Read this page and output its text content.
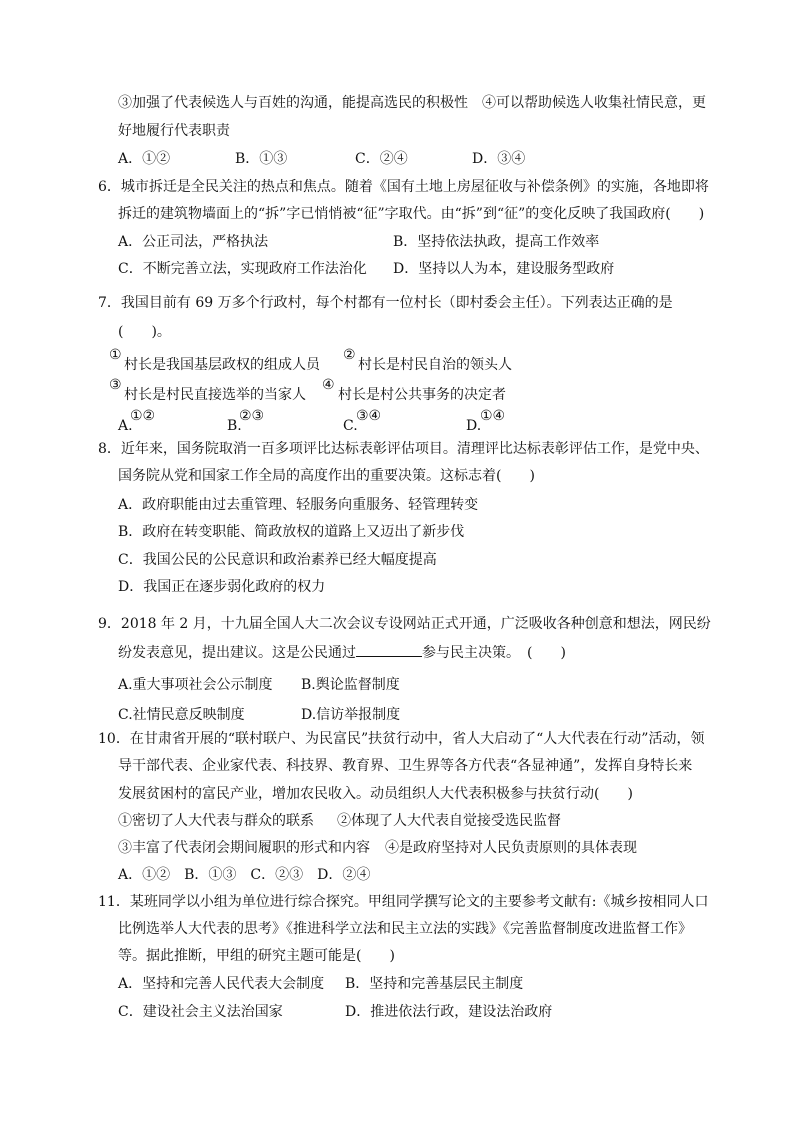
③加强了代表候选人与百姓的沟通，能提高选民的积极性　④可以帮助候选人收集社情民意，更
好地履行代表职责
A．①②	B．①③	C．②④	D．③④
6．城市拆迁是全民关注的热点和焦点。随着《国有土地上房屋征收与补偿条例》的实施，各地即将
拆迁的建筑物墙面上的“拆”字已悄悄被“征”字取代。由“拆”到“征”的变化反映了我国政府(　　)
A．公正司法，严格执法	B．坚持依法执政，提高工作效率
C．不断完善立法，实现政府工作法治化 D．坚持以人为本，建设服务型政府
7．我国目前有 69 万多个行政村，每个村都有一位村长（即村委会主任）。下列表达正确的是
(　　)。
①
村长是我国基层政权的组成人员
②
村长是村民自治的领头人
③
村长是村民直接选举的当家人
④
村长是村公共事务的决定者
A.
①②
B.
②③
C.
③④
D.
①④
8．近年来，国务院取消一百多项评比达标表彰评估项目。清理评比达标表彰评估工作，是党中央、
国务院从党和国家工作全局的高度作出的重要决策。这标志着(　　)
A．政府职能由过去重管理、轻服务向重服务、轻管理转变
B．政府在转变职能、简政放权的道路上又迈出了新步伐
C．我国公民的公民意识和政治素养已经大幅度提高
D．我国正在逐步弱化政府的权力
9．2018 年 2 月，十九届全国人大二次会议专设网站正式开通，广泛吸收各种创意和想法，网民纷
纷发表意见，提出建议。这是公民通过	参与民主决策。　(　　)
A.重大事项社会公示制度 B.舆论监督制度
C.社情民意反映制度	D.信访举报制度
10．在甘肃省开展的“联村联户、为民富民”扶贫行动中，省人大启动了“人大代表在行动”活动，领
导干部代表、企业家代表、科技界、教育界、卫生界等各方代表“各显神通”，发挥自身特长来
发展贫困村的富民产业，增加农民收入。动员组织人大代表积极参与扶贫行动(　　)
①密切了人大代表与群众的联系 ②体现了人大代表自觉接受选民监督
③丰富了代表闭会期间履职的形式和内容 ④是政府坚持对人民负责原则的具体表现
A．①②　B．①③　C．②③　D．②④
11．某班同学以小组为单位进行综合探究。甲组同学撰写论文的主要参考文献有:《城乡按相同人口
比例选举人大代表的思考》《推进科学立法和民主立法的实践》《完善监督制度改进监督工作》
等。据此推断，甲组的研究主题可能是(　　)
A．坚持和完善人民代表大会制度 B．坚持和完善基层民主制度
C．建设社会主义法治国家	D．推进依法行政，建设法治政府
